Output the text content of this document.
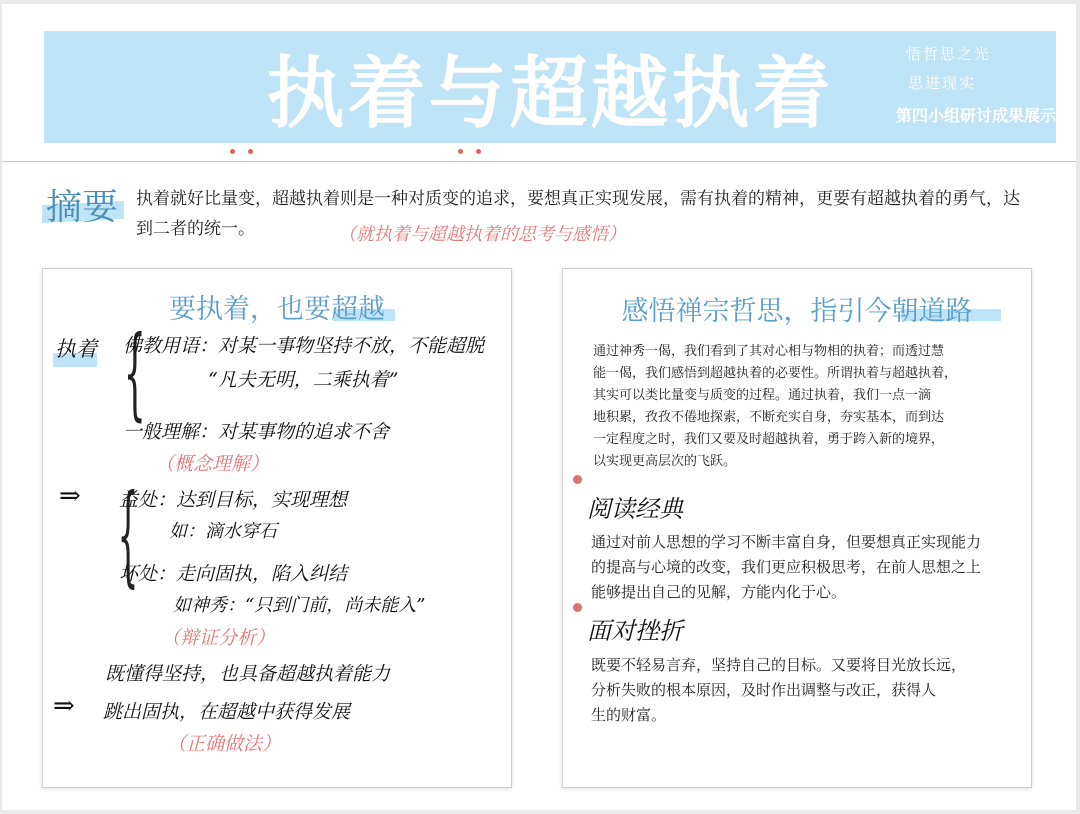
执着与超越执着	悟哲思之光
思进现实
第四小组研讨成果展示
摘要 执着就好比量变，超越执着则是一种对质变的追求，要想真正实现发展，需有执着的精神，更要有超越执着的勇气，达到二者的统一。	（就执着与超越执着的思考与感悟）
要执着，也要超越
执着 {
佛教用语：对某一事物坚持不放，不能超脱
“凡夫无明，二乘执着”
一般理解：对某事物的追求不舍
（概念理解）
⇒ {
益处：达到目标，实现理想
如：滴水穿石
坏处：走向固执，陷入纠结
如神秀：“只到门前，尚未能入”
（辩证分析）
既懂得坚持，也具备超越执着能力
⇒ 跳出固执，在超越中获得发展
（正确做法）
感悟禅宗哲思，指引今朝道路
通过神秀一偈，我们看到了其对心相与物相的执着；而透过慧
能一偈，我们感悟到超越执着的必要性。所谓执着与超越执着，
其实可以类比量变与质变的过程。通过执着，我们一点一滴
地积累，孜孜不倦地探索，不断充实自身，夯实基本，而到达
一定程度之时，我们又要及时超越执着，勇于跨入新的境界，
以实现更高层次的飞跃。
阅读经典
通过对前人思想的学习不断丰富自身，但要想真正实现能力
的提高与心境的改变，我们更应积极思考，在前人思想之上
能够提出自己的见解，方能内化于心。
面对挫折
既要不轻易言弃，坚持自己的目标。又要将目光放长远，
分析失败的根本原因，及时作出调整与改正，获得人
生的财富。
